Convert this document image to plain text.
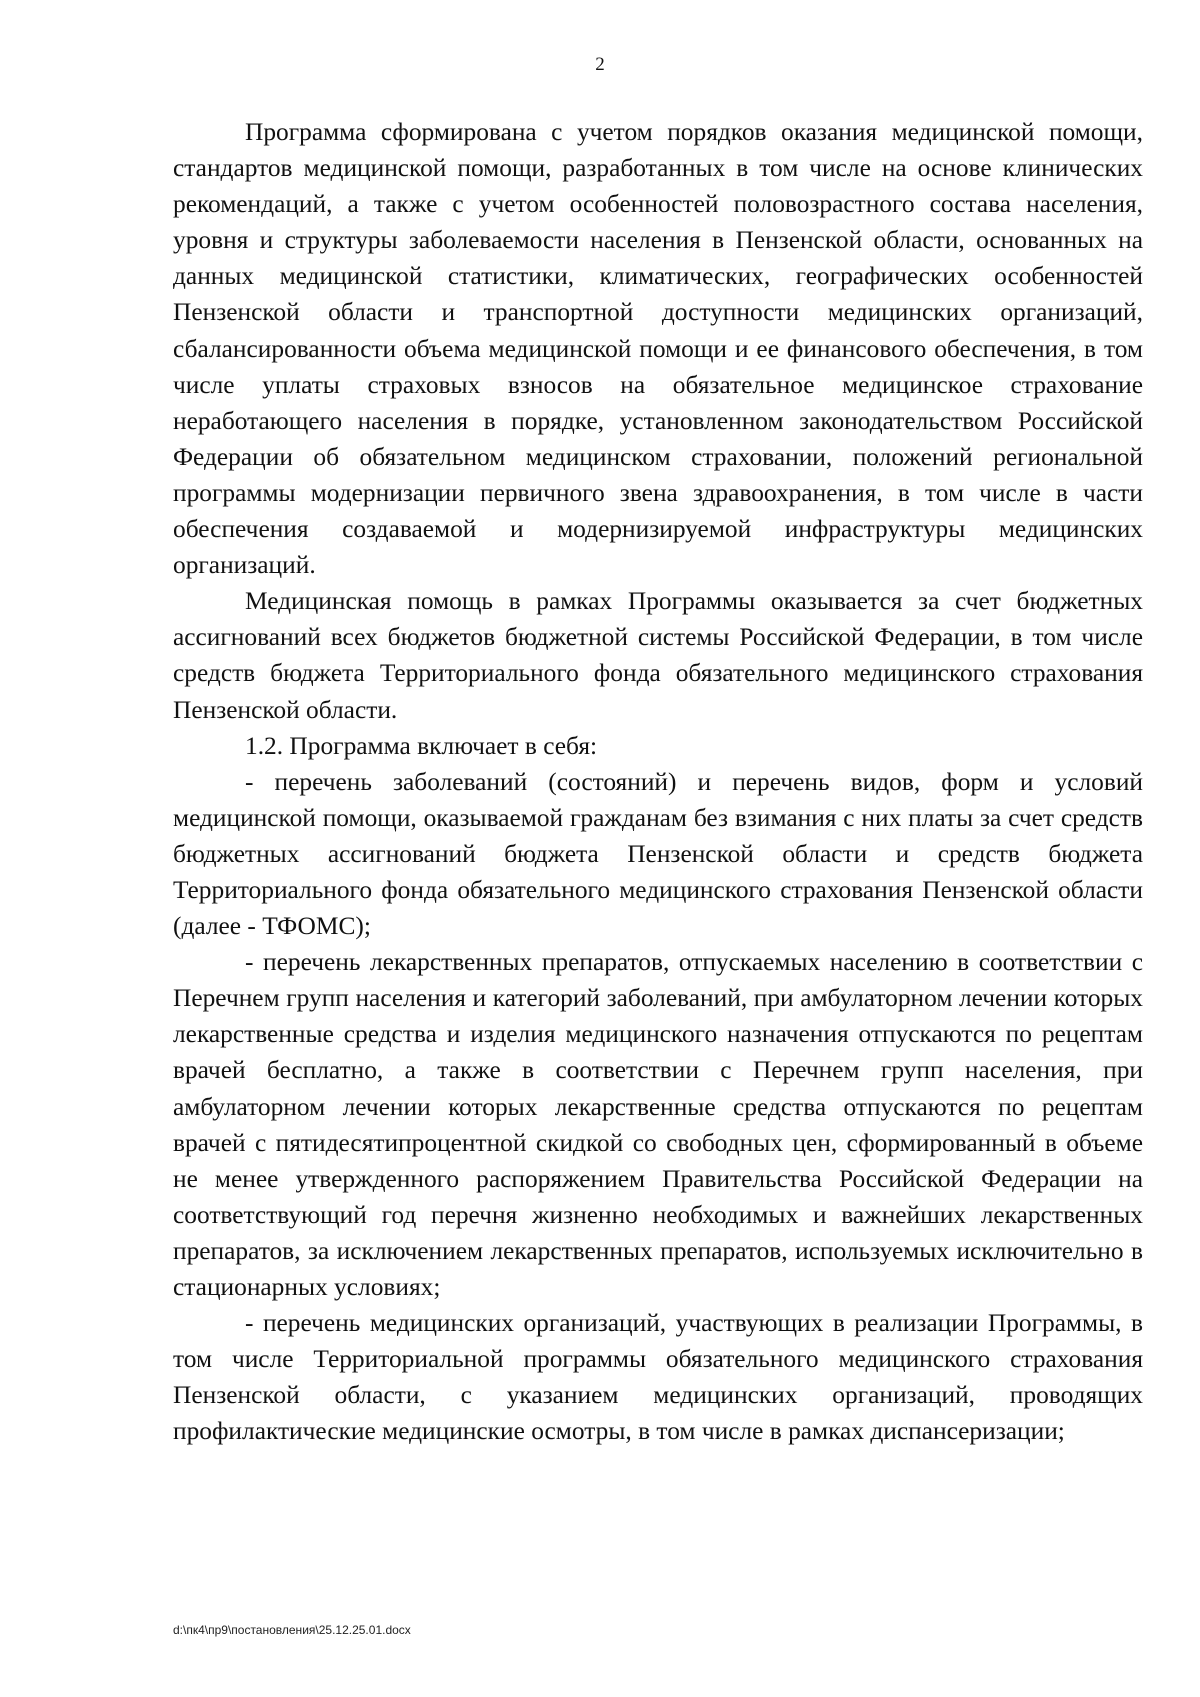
2

Программа сформирована с учетом порядков оказания медицинской помощи, стандартов медицинской помощи, разработанных в том числе на основе клинических рекомендаций, а также с учетом особенностей половозрастного состава населения, уровня и структуры заболеваемости населения в Пензенской области, основанных на данных медицинской статистики, климатических, географических особенностей Пензенской области и транспортной доступности медицинских организаций, сбалансированности объема медицинской помощи и ее финансового обеспечения, в том числе уплаты страховых взносов на обязательное медицинское страхование неработающего населения в порядке, установленном законодательством Российской Федерации об обязательном медицинском страховании, положений региональной программы модернизации первичного звена здравоохранения, в том числе в части обеспечения создаваемой и модернизируемой инфраструктуры медицинских организаций.

Медицинская помощь в рамках Программы оказывается за счет бюджетных ассигнований всех бюджетов бюджетной системы Российской Федерации, в том числе средств бюджета Территориального фонда обязательного медицинского страхования Пензенской области.

1.2. Программа включает в себя:

- перечень заболеваний (состояний) и перечень видов, форм и условий медицинской помощи, оказываемой гражданам без взимания с них платы за счет средств бюджетных ассигнований бюджета Пензенской области и средств бюджета Территориального фонда обязательного медицинского страхования Пензенской области (далее - ТФОМС);

- перечень лекарственных препаратов, отпускаемых населению в соответствии с Перечнем групп населения и категорий заболеваний, при амбулаторном лечении которых лекарственные средства и изделия медицинского назначения отпускаются по рецептам врачей бесплатно, а также в соответствии с Перечнем групп населения, при амбулаторном лечении которых лекарственные средства отпускаются по рецептам врачей с пятидесятипроцентной скидкой со свободных цен, сформированный в объеме не менее утвержденного распоряжением Правительства Российской Федерации на соответствующий год перечня жизненно необходимых и важнейших лекарственных препаратов, за исключением лекарственных препаратов, используемых исключительно в стационарных условиях;

- перечень медицинских организаций, участвующих в реализации Программы, в том числе Территориальной программы обязательного медицинского страхования Пензенской области, с указанием медицинских организаций, проводящих профилактические медицинские осмотры, в том числе в рамках диспансеризации;

d:\пк4\пр9\постановления\25.12.25.01.docx
